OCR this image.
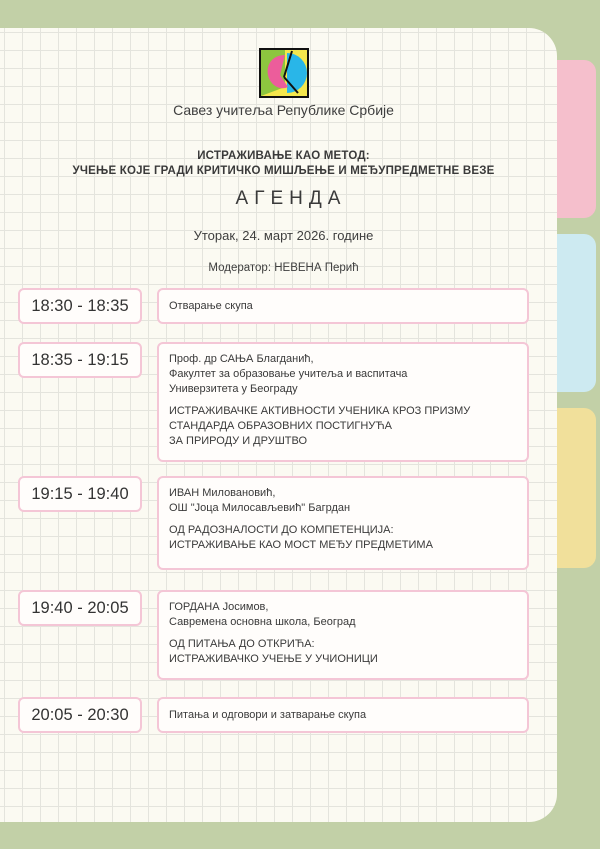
Савез учитеља Републике Србије
ИСТРАЖИВАЊЕ КАО МЕТОД:
УЧЕЊЕ КОЈЕ ГРАДИ КРИТИЧКО МИШЉЕЊЕ И МЕЂУПРЕДМЕТНЕ ВЕЗЕ
АГЕНДА
Уторак, 24. март 2026. године
Модератор: НЕВЕНА Перић
18:30 - 18:35	Отварање скупа

18:35 - 19:15	Проф. др САЊА Благданић,

Факултет за образовање учитеља и васпитача

Универзитета у Београду

ИСТРАЖИВАЧКЕ АКТИВНОСТИ УЧЕНИКА КРОЗ ПРИЗМУ

СТАНДАРДА ОБРАЗОВНИХ ПОСТИГНУЋА

ЗА ПРИРОДУ И ДРУШТВО

19:15 - 19:40	ИВАН Миловановић,

ОШ "Јоца Милосављевић" Багрдан

ОД РАДОЗНАЛОСТИ ДО КОМПЕТЕНЦИЈА:

ИСТРАЖИВАЊЕ КАО МОСТ МЕЂУ ПРЕДМЕТИМА

19:40 - 20:05	ГОРДАНА Јосимов,

Савремена основна школа, Београд

ОД ПИТАЊА ДО ОТКРИЋА:

ИСТРАЖИВАЧКО УЧЕЊЕ У УЧИОНИЦИ

20:05 - 20:30	Питања и одговори и затварање скупа
